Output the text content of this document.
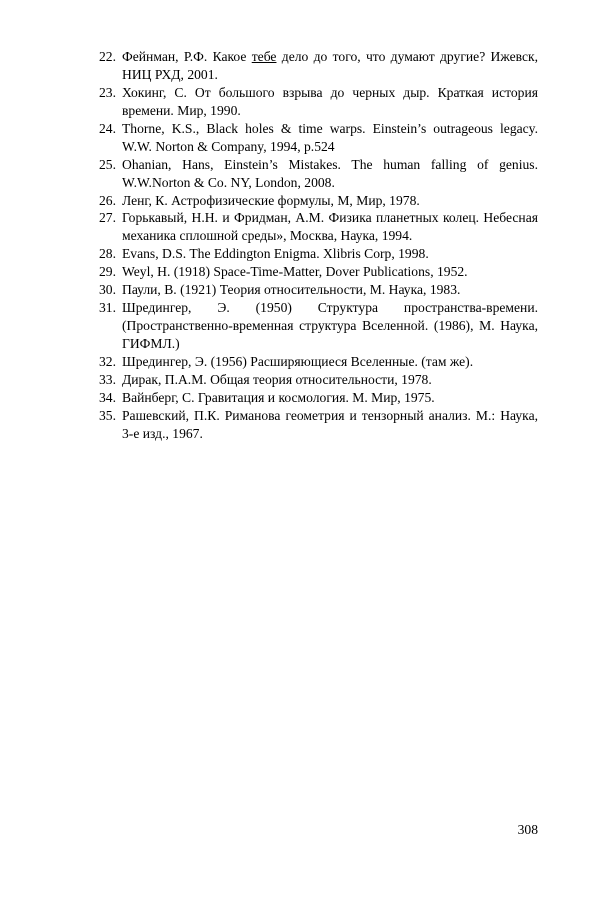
22. Фейнман, Р.Ф. Какое тебе дело до того, что думают другие? Ижевск, НИЦ РХД, 2001.
23. Хокинг, С. От большого взрыва до черных дыр. Краткая история времени. Мир, 1990.
24. Thorne, K.S., Black holes & time warps. Einstein’s outrageous legacy. W.W. Norton & Company, 1994, p.524
25. Ohanian, Hans, Einstein’s Mistakes. The human falling of genius. W.W.Norton & Co. NY, London, 2008.
26. Ленг, К. Астрофизические формулы, М, Мир, 1978.
27. Горькавый, Н.Н. и Фридман, А.М. Физика планетных колец. Небесная механика сплошной среды», Москва, Наука, 1994.
28. Evans, D.S. The Eddington Enigma. Xlibris Corp, 1998.
29. Weyl, H. (1918) Space-Time-Matter, Dover Publications, 1952.
30. Паули, В. (1921) Теория относительности, М. Наука, 1983.
31. Шредингер, Э. (1950) Структура пространства-времени. (Пространственно-временная структура Вселенной. (1986), М. Наука, ГИФМЛ.)
32. Шредингер, Э. (1956) Расширяющиеся Вселенные. (там же).
33. Дирак, П.А.М. Общая теория относительности, 1978.
34. Вайнберг, С. Гравитация и космология. М. Мир, 1975.
35. Рашевский, П.К. Риманова геометрия и тензорный анализ. М.: Наука, 3-е изд., 1967.
308
